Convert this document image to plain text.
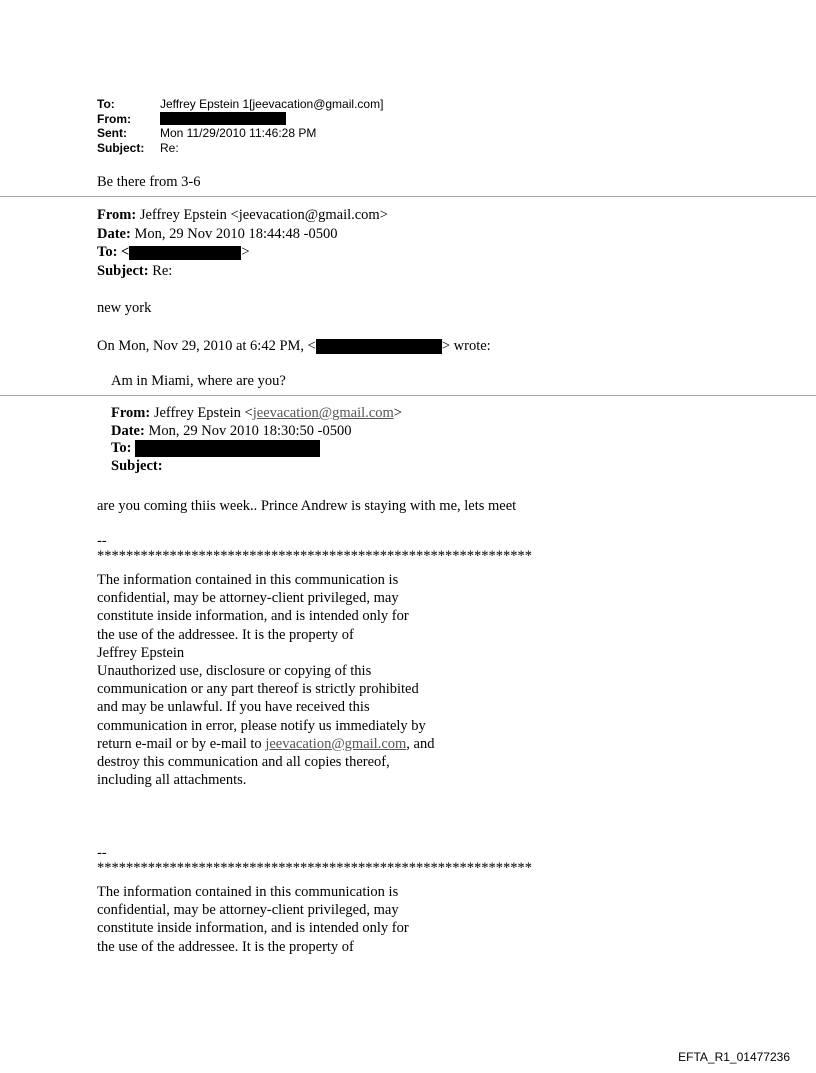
To:	Jeffrey Epstein 1[jeevacation@gmail.com]
From:
Sent:	Mon 11/29/2010 11:46:28 PM
Subject:	Re:
Be there from 3-6
From: Jeffrey Epstein <jeevacation@gmail.com>
Date: Mon, 29 Nov 2010 18:44:48 -0500
To: <	>
Subject: Re:
new york
On Mon, Nov 29, 2010 at 6:42 PM, <	> wrote:
Am in Miami, where are you?
From: Jeffrey Epstein <jeevacation@gmail.com>
Date: Mon, 29 Nov 2010 18:30:50 -0500
To:
Subject:
are you coming thiis week.. Prince Andrew is staying with me, lets meet
--
************************************************************
The information contained in this communication is
confidential, may be attorney-client privileged, may
constitute inside information, and is intended only for
the use of the addressee. It is the property of
Jeffrey Epstein
Unauthorized use, disclosure or copying of this
communication or any part thereof is strictly prohibited
and may be unlawful. If you have received this
communication in error, please notify us immediately by
return e-mail or by e-mail to jeevacation@gmail.com, and
destroy this communication and all copies thereof,
including all attachments.
--
************************************************************
The information contained in this communication is
confidential, may be attorney-client privileged, may
constitute inside information, and is intended only for
the use of the addressee. It is the property of
EFTA_R1_01477236
